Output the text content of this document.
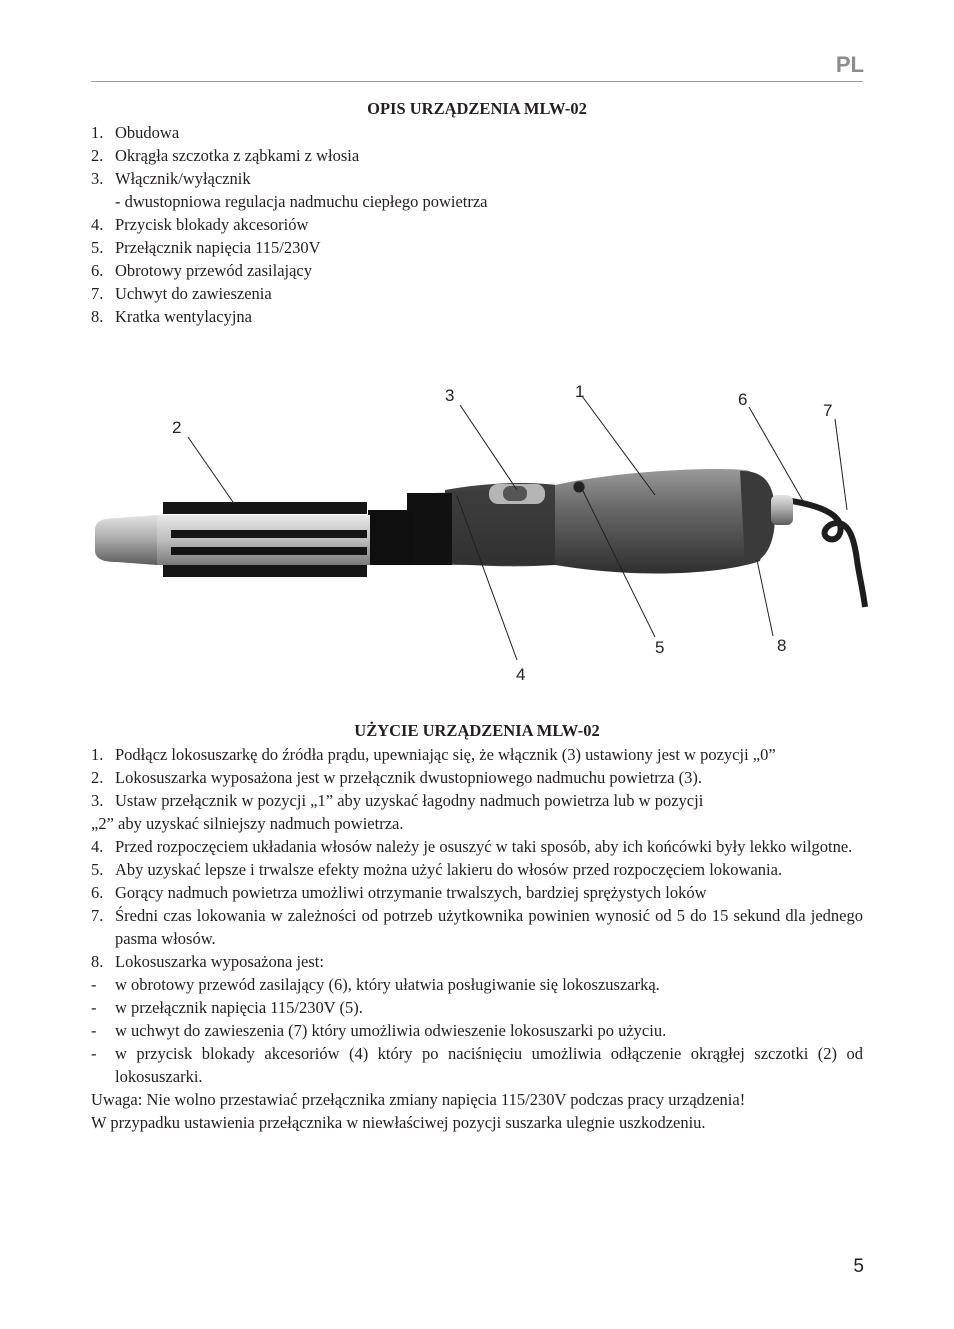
PL
OPIS URZĄDZENIA MLW-02
1. Obudowa
2. Okrągła szczotka z ząbkami z włosia
3. Włącznik/wyłącznik
- dwustopniowa regulacja nadmuchu ciepłego powietrza
4. Przycisk blokady akcesoriów
5. Przełącznik napięcia 115/230V
6. Obrotowy przewód zasilający
7. Uchwyt do zawieszenia
8. Kratka wentylacyjna
1
2
3
4
5
6
7
8
UŻYCIE URZĄDZENIA MLW-02
1. Podłącz lokosuszarkę do źródła prądu, upewniając się, że włącznik (3) ustawiony jest w pozycji „0”
2. Lokosuszarka wyposażona jest w przełącznik dwustopniowego nadmuchu powietrza (3).
3. Ustaw przełącznik w pozycji „1” aby uzyskać łagodny nadmuch powietrza lub w pozycji
„2” aby uzyskać silniejszy nadmuch powietrza.
4. Przed rozpoczęciem układania włosów należy je osuszyć w taki sposób, aby ich końcówki były lekko wilgotne.
5. Aby uzyskać lepsze i trwalsze efekty można użyć lakieru do włosów przed rozpoczęciem lokowania.
6. Gorący nadmuch powietrza umożliwi otrzymanie trwalszych, bardziej sprężystych loków
7. Średni czas lokowania w zależności od potrzeb użytkownika powinien wynosić od 5 do 15 sekund dla jednego pasma włosów.
8. Lokosuszarka wyposażona jest:
- w obrotowy przewód zasilający (6), który ułatwia posługiwanie się lokoszuszarką.
- w przełącznik napięcia 115/230V (5).
- w uchwyt do zawieszenia (7) który umożliwia odwieszenie lokosuszarki po użyciu.
- w przycisk blokady akcesoriów (4) który po naciśnięciu umożliwia odłączenie okrągłej szczotki (2) od lokosuszarki.
Uwaga: Nie wolno przestawiać przełącznika zmiany napięcia 115/230V podczas pracy urządzenia!
W przypadku ustawienia przełącznika w niewłaściwej pozycji suszarka ulegnie uszkodzeniu.
5
